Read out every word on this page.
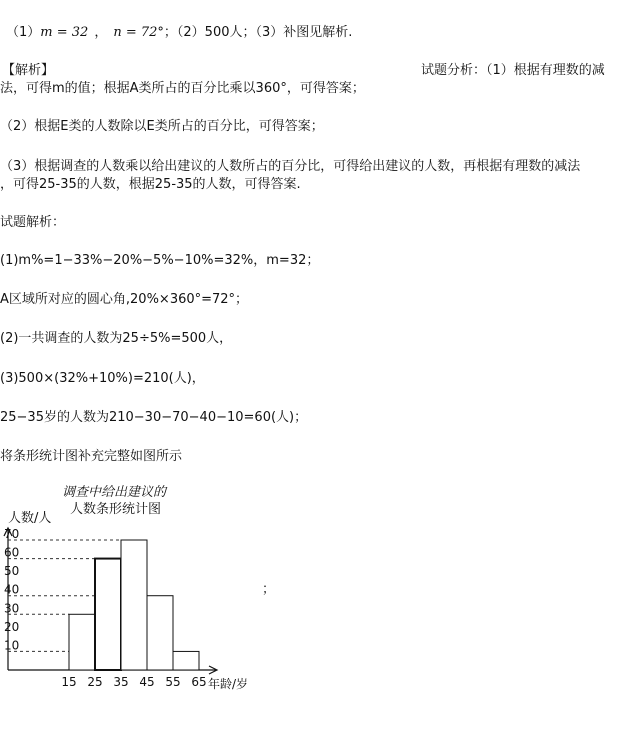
（1）m = 32 ， n = 72°；（2）500人；（3）补图见解析.
【解析】	试题分析：（1）根据有理数的减
法，可得m的值；根据A类所占的百分比乘以360°，可得答案；
（2）根据E类的人数除以E类所占的百分比，可得答案；
（3）根据调查的人数乘以给出建议的人数所占的百分比，可得给出建议的人数，再根据有理数的减法
，可得25-35的人数，根据25-35的人数，可得答案.
试题解析：
(1)m%=1−33%−20%−5%−10%=32%，m=32；
A区域所对应的圆心角,20%×360°=72°；
(2)一共调查的人数为25÷5%=500人，
(3)500×(32%+10%)=210(人)，
25−35岁的人数为210−30−70−40−10=60(人)；
将条形统计图补充完整如图所示
调查中给出建议的
人数条形统计图
人数/人
年龄/岁
10
20
30
40
50
60
70
15 25 35 45 55 65
；
